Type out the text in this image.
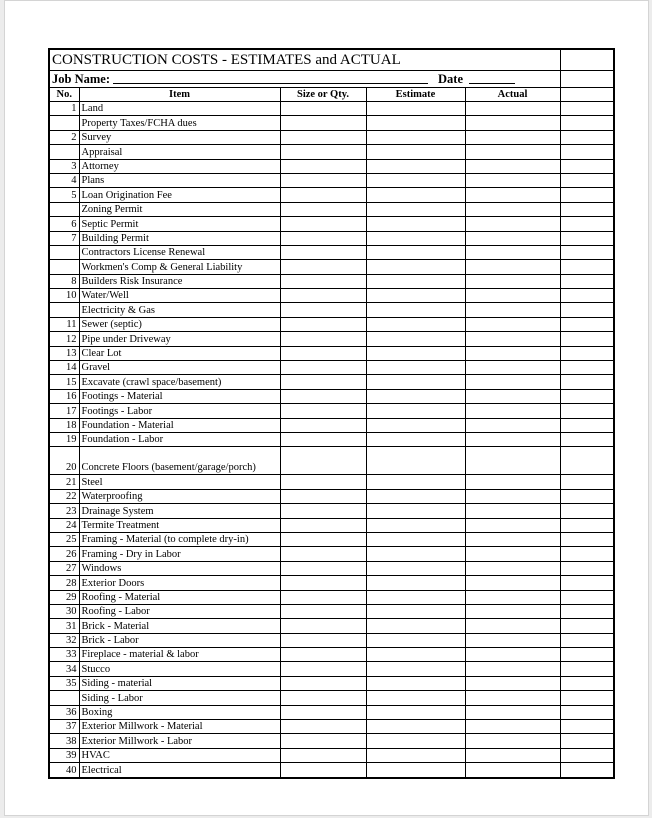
CONSTRUCTION COSTS - ESTIMATES and ACTUAL					
Job Name: Date					

No.	Item	Size or Qty.	Estimate	Actual	
1	Land				
	Property Taxes/FCHA dues				
2	Survey				
	Appraisal				
3	Attorney				
4	Plans				
5	Loan Origination Fee				
	Zoning Permit				
6	Septic Permit				
7	Building Permit				
	Contractors License Renewal				
	Workmen's Comp & General Liability				
8	Builders Risk Insurance				
10	Water/Well				
	Electricity & Gas				
11	Sewer (septic)				
12	Pipe under Driveway				
13	Clear Lot				
14	Gravel				
15	Excavate (crawl space/basement)				
16	Footings - Material				
17	Footings - Labor				
18	Foundation - Material				
19	Foundation - Labor				
20	Concrete Floors (basement/garage/porch)				
21	Steel				
22	Waterproofing				
23	Drainage System				
24	Termite Treatment				
25	Framing - Material (to complete dry-in)				
26	Framing - Dry in Labor				
27	Windows				
28	Exterior Doors				
29	Roofing - Material				
30	Roofing - Labor				
31	Brick - Material				
32	Brick - Labor				
33	Fireplace - material & labor				
34	Stucco				
35	Siding - material				
	Siding - Labor				
36	Boxing				
37	Exterior Millwork - Material				
38	Exterior Millwork - Labor				
39	HVAC				
40	Electrical				
